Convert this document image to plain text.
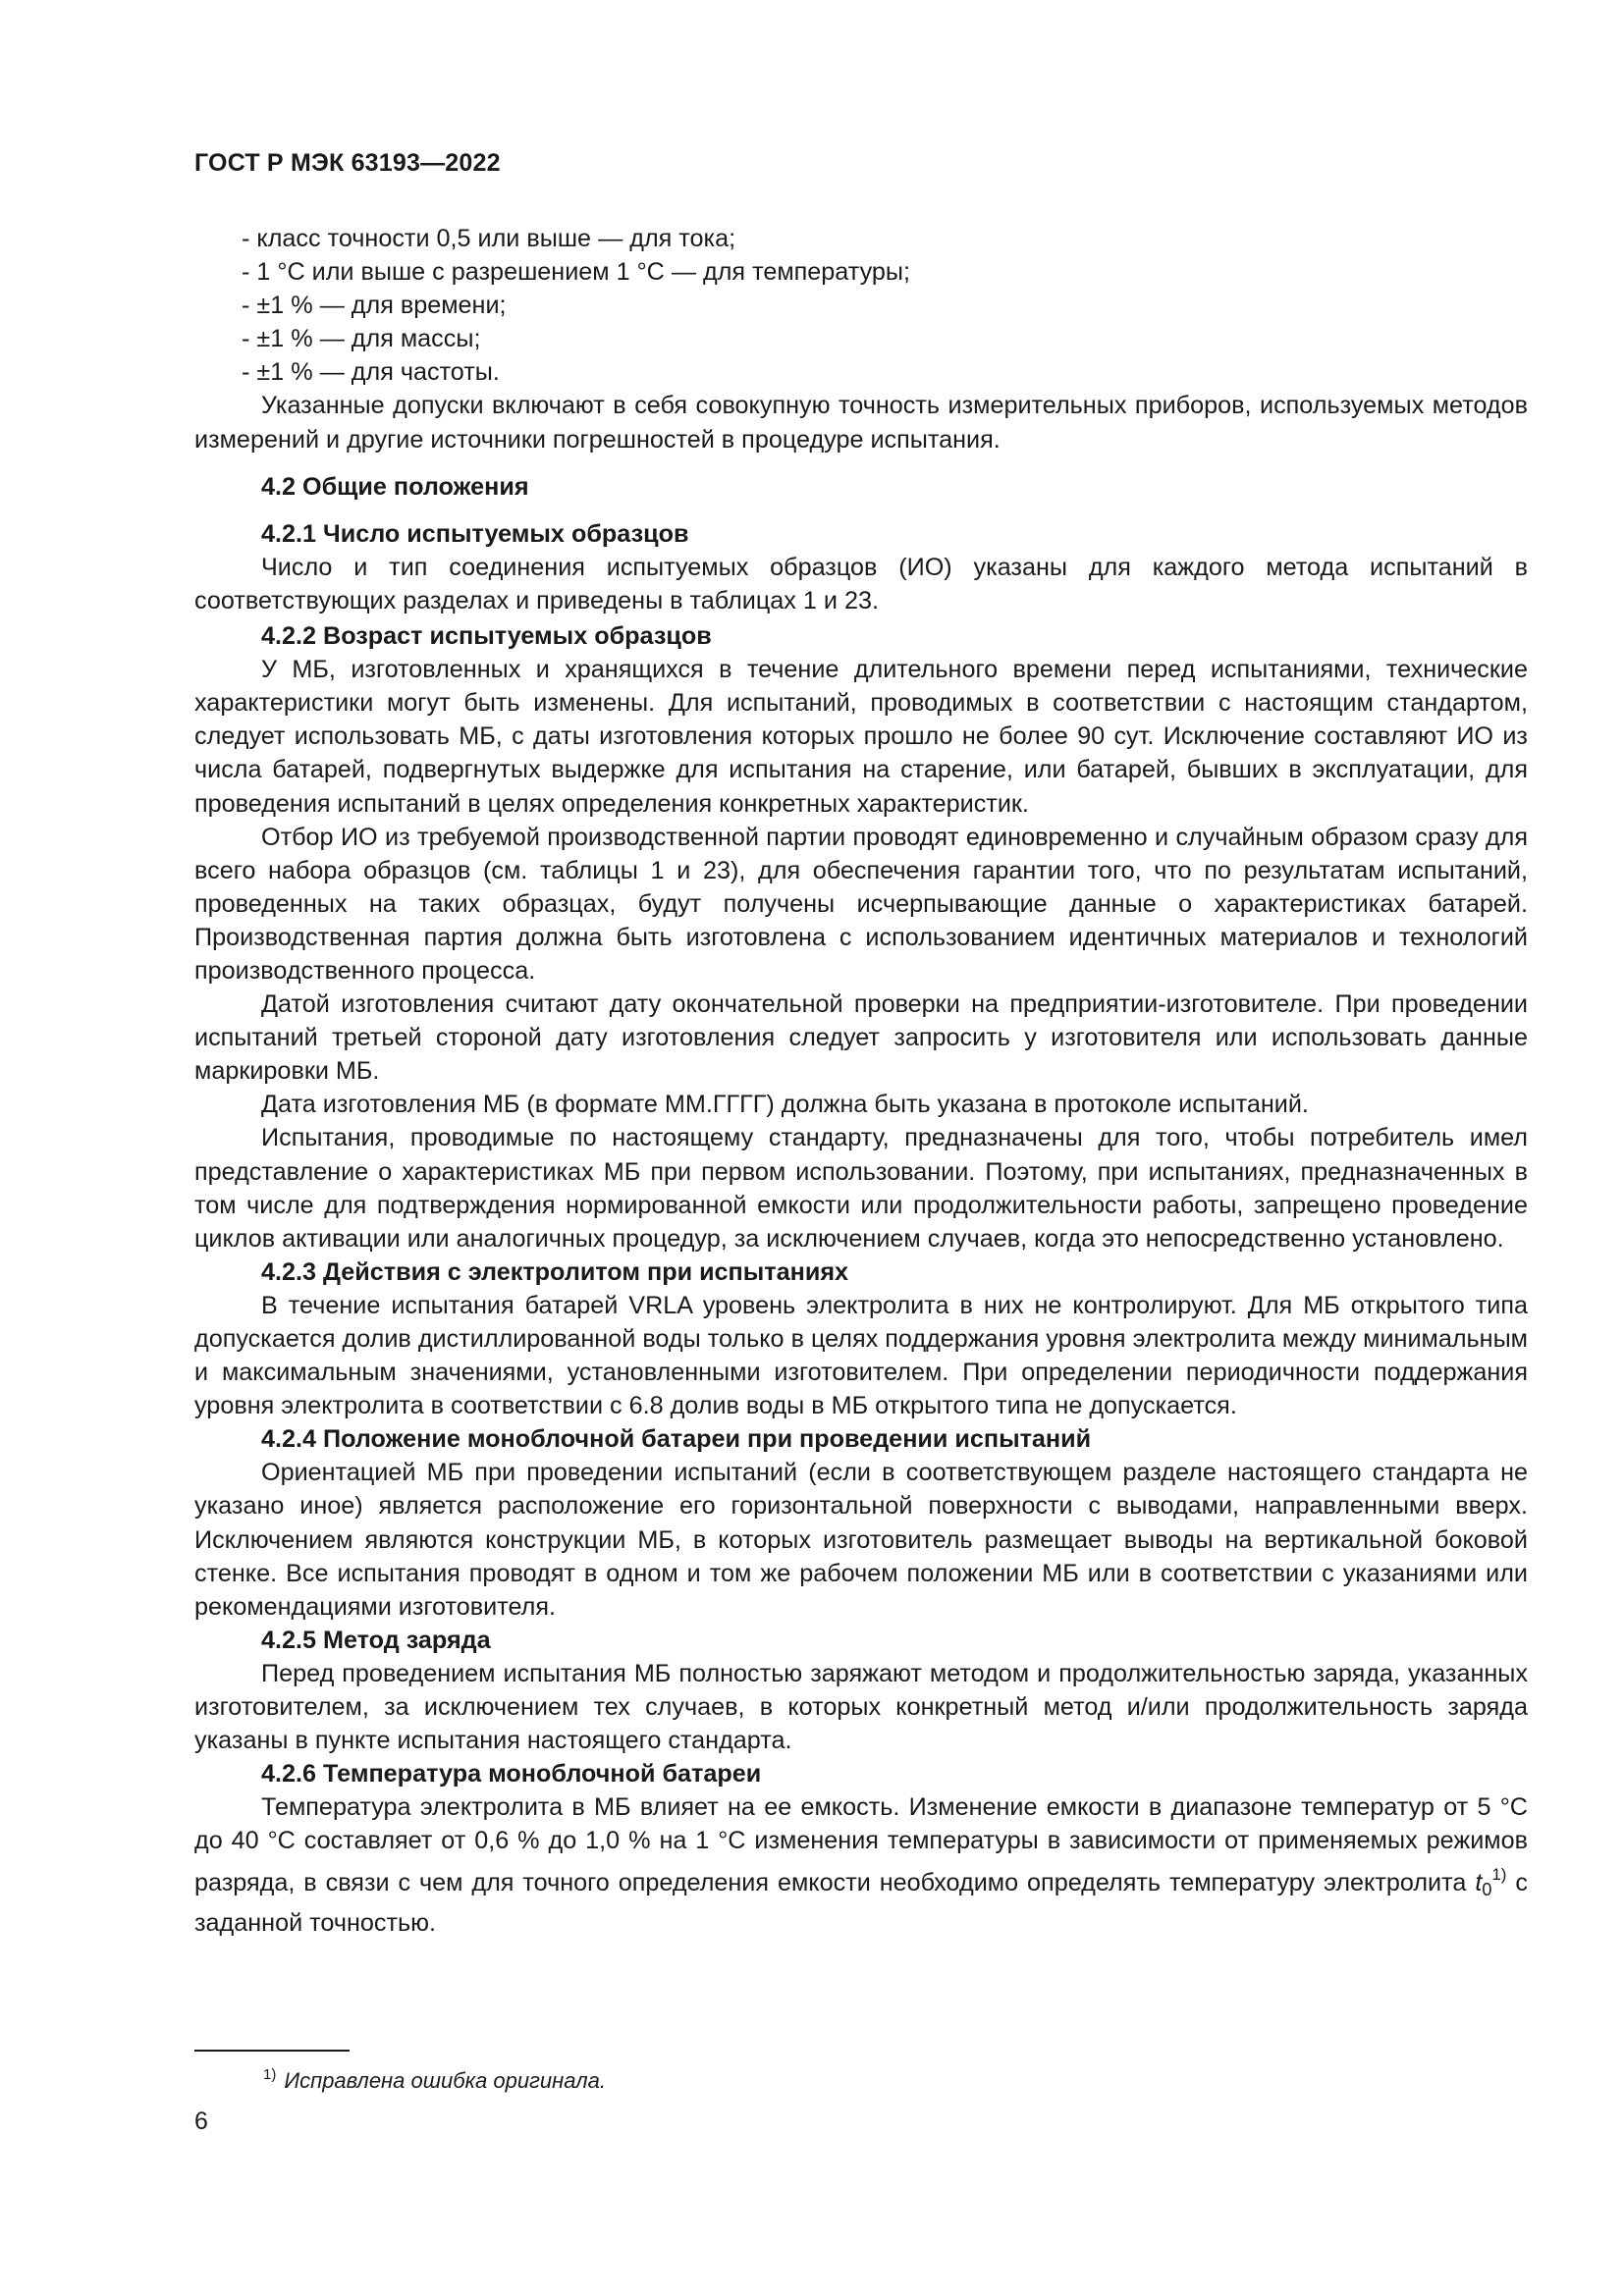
ГОСТ Р МЭК 63193—2022
- класс точности 0,5 или выше — для тока;
- 1 °С или выше с разрешением 1 °С — для температуры;
- ±1 % — для времени;
- ±1 % — для массы;
- ±1 % — для частоты.
Указанные допуски включают в себя совокупную точность измерительных приборов, используемых методов измерений и другие источники погрешностей в процедуре испытания.
4.2 Общие положения
4.2.1 Число испытуемых образцов
Число и тип соединения испытуемых образцов (ИО) указаны для каждого метода испытаний в соответствующих разделах и приведены в таблицах 1 и 23.
4.2.2 Возраст испытуемых образцов
У МБ, изготовленных и хранящихся в течение длительного времени перед испытаниями, технические характеристики могут быть изменены. Для испытаний, проводимых в соответствии с настоящим стандартом, следует использовать МБ, с даты изготовления которых прошло не более 90 сут. Исключение составляют ИО из числа батарей, подвергнутых выдержке для испытания на старение, или батарей, бывших в эксплуатации, для проведения испытаний в целях определения конкретных характеристик.
Отбор ИО из требуемой производственной партии проводят единовременно и случайным образом сразу для всего набора образцов (см. таблицы 1 и 23), для обеспечения гарантии того, что по результатам испытаний, проведенных на таких образцах, будут получены исчерпывающие данные о характеристиках батарей. Производственная партия должна быть изготовлена с использованием идентичных материалов и технологий производственного процесса.
Датой изготовления считают дату окончательной проверки на предприятии-изготовителе. При проведении испытаний третьей стороной дату изготовления следует запросить у изготовителя или использовать данные маркировки МБ.
Дата изготовления МБ (в формате ММ.ГГГГ) должна быть указана в протоколе испытаний.
Испытания, проводимые по настоящему стандарту, предназначены для того, чтобы потребитель имел представление о характеристиках МБ при первом использовании. Поэтому, при испытаниях, предназначенных в том числе для подтверждения нормированной емкости или продолжительности работы, запрещено проведение циклов активации или аналогичных процедур, за исключением случаев, когда это непосредственно установлено.
4.2.3 Действия с электролитом при испытаниях
В течение испытания батарей VRLA уровень электролита в них не контролируют. Для МБ открытого типа допускается долив дистиллированной воды только в целях поддержания уровня электролита между минимальным и максимальным значениями, установленными изготовителем. При определении периодичности поддержания уровня электролита в соответствии с 6.8 долив воды в МБ открытого типа не допускается.
4.2.4 Положение моноблочной батареи при проведении испытаний
Ориентацией МБ при проведении испытаний (если в соответствующем разделе настоящего стандарта не указано иное) является расположение его горизонтальной поверхности с выводами, направленными вверх. Исключением являются конструкции МБ, в которых изготовитель размещает выводы на вертикальной боковой стенке. Все испытания проводят в одном и том же рабочем положении МБ или в соответствии с указаниями или рекомендациями изготовителя.
4.2.5 Метод заряда
Перед проведением испытания МБ полностью заряжают методом и продолжительностью заряда, указанных изготовителем, за исключением тех случаев, в которых конкретный метод и/или продолжительность заряда указаны в пункте испытания настоящего стандарта.
4.2.6 Температура моноблочной батареи
Температура электролита в МБ влияет на ее емкость. Изменение емкости в диапазоне температур от 5 °С до 40 °С составляет от 0,6 % до 1,0 % на 1 °С изменения температуры в зависимости от применяемых режимов разряда, в связи с чем для точного определения емкости необходимо определять температуру электролита $t_0^{1)}$ с заданной точностью.
$^{1)}$ Исправлена ошибка оригинала.
6
